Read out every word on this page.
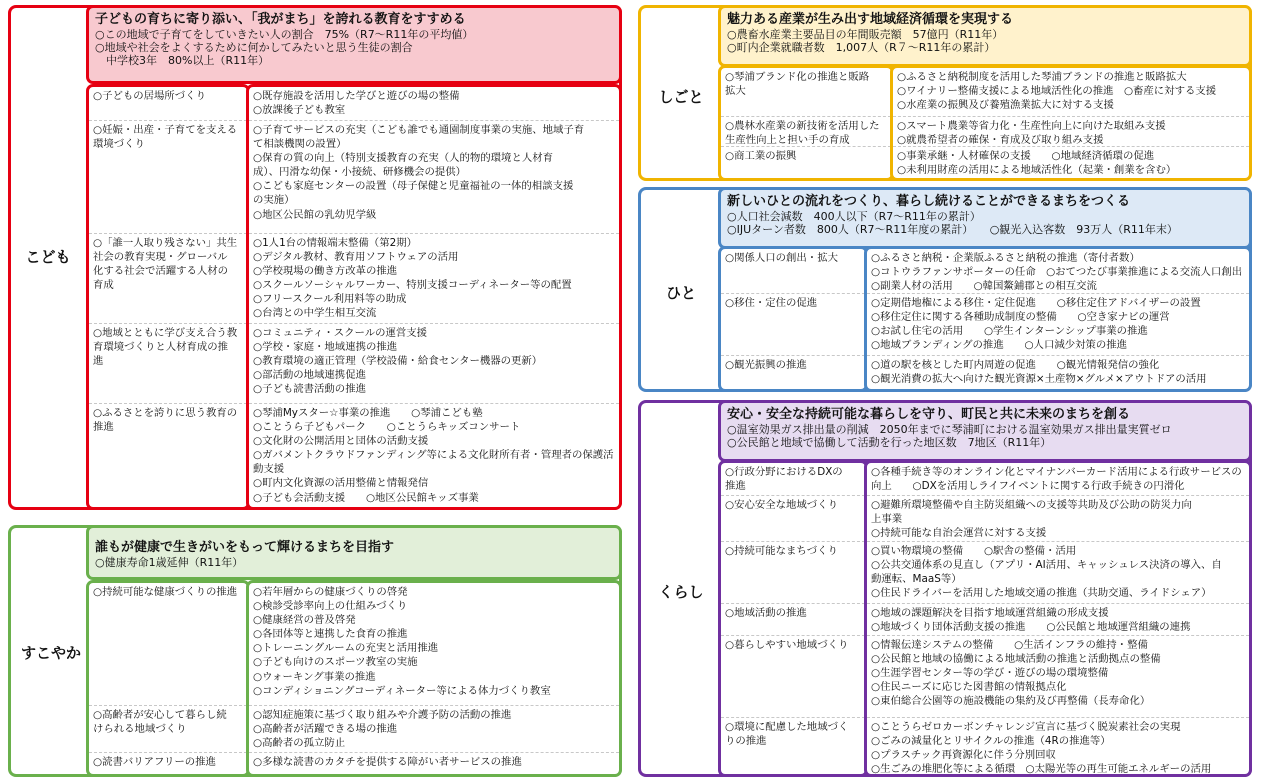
こども
子どもの育ちに寄り添い、「我がまち」を誇れる教育をすすめる
○この地域で子育てをしていきたい人の割合　75%（R7～R11年の平均値）
○地域や社会をよくするために何かしてみたいと思う生徒の割合
　中学校3年　80%以上（R11年）
○子どもの居場所づくり
○妊娠・出産・子育てを支える
環境づくり
○「誰一人取り残さない」共生
社会の教育実現・グローバル
化する社会で活躍する人材の
育成
○地域とともに学び支え合う教
育環境づくりと人材育成の推
進
○ふるさとを誇りに思う教育の
推進
○既存施設を活用した学びと遊びの場の整備
○放課後子ども教室
○子育てサービスの充実（こども誰でも通園制度事業の実施、地域子育
て相談機関の設置）
○保育の質の向上（特別支援教育の充実（人的物的環境と人材育
成）、円滑な幼保・小接続、研修機会の提供）
○こども家庭センターの設置（母子保健と児童福祉の一体的相談支援
の実施）
○地区公民館の乳幼児学級
○1人1台の情報端末整備（第2期）
○デジタル教材、教育用ソフトウェアの活用
○学校現場の働き方改革の推進
○スクールソーシャルワーカー、特別支援コーディネーター等の配置
○フリースクール利用料等の助成
○台湾との中学生相互交流
○コミュニティ・スクールの運営支援
○学校・家庭・地域連携の推進
○教育環境の適正管理（学校設備・給食センター機器の更新）
○部活動の地域連携促進
○子ども読書活動の推進
○琴浦Myスター☆事業の推進　　○琴浦こども塾
○ことうら子どもパーク　　○ことうらキッズコンサート
○文化財の公開活用と団体の活動支援
○ガバメントクラウドファンディング等による文化財所有者・管理者の保護活
動支援
○町内文化資源の活用整備と情報発信
○子ども会活動支援　　○地区公民館キッズ事業
すこやか
誰もが健康で生きがいをもって輝けるまちを目指す
○健康寿命1歳延伸（R11年）
○持続可能な健康づくりの推進
○高齢者が安心して暮らし続
けられる地域づくり
○読書バリアフリーの推進
○若年層からの健康づくりの啓発
○検診受診率向上の仕組みづくり
○健康経営の普及啓発
○各団体等と連携した食育の推進
○トレーニングルームの充実と活用推進
○子ども向けのスポーツ教室の実施
○ウォーキング事業の推進
○コンディショニングコーディネーター等による体力づくり教室
○認知症施策に基づく取り組みや介護予防の活動の推進
○高齢者が活躍できる場の推進
○高齢者の孤立防止
○多様な読書のカタチを提供する障がい者サービスの推進
しごと
魅力ある産業が生み出す地域経済循環を実現する
○農畜水産業主要品目の年間販売額　57億円（R11年）
○町内企業就職者数　1,007人（R７～R11年の累計）
○琴浦ブランド化の推進と販路
拡大
○農林水産業の新技術を活用した
生産性向上と担い手の育成
○商工業の振興
○ふるさと納税制度を活用した琴浦ブランドの推進と販路拡大
○ワイナリー整備支援による地域活性化の推進　○畜産に対する支援
○水産業の振興及び養殖漁業拡大に対する支援
○スマート農業等省力化・生産性向上に向けた取組み支援
○就農希望者の確保・育成及び取り組み支援
○事業承継・人材確保の支援　　○地域経済循環の促進
○未利用財産の活用による地域活性化（起業・創業を含む）
ひと
新しいひとの流れをつくり、暮らし続けることができるまちをつくる
○人口社会減数　400人以下（R7～R11年の累計）
○IJUターン者数　800人（R7～R11年度の累計）　　○観光入込客数　93万人（R11年末）
○関係人口の創出・拡大
○移住・定住の促進
○観光振興の推進
○ふるさと納税・企業版ふるさと納税の推進（寄付者数）
○コトウラファンサポーターの任命　○おてつたび事業推進による交流人口創出
○副業人材の活用　　○韓国鰲鋪郡との相互交流
○定期借地権による移住・定住促進　　○移住定住アドバイザーの設置
○移住定住に関する各種助成制度の整備　　○空き家ナビの運営
○お試し住宅の活用　　○学生インターンシップ事業の推進
○地域ブランディングの推進　　○人口減少対策の推進
○道の駅を核とした町内周遊の促進　　○観光情報発信の強化
○観光消費の拡大へ向けた観光資源×土産物×グルメ×アウトドアの活用
くらし
安心・安全な持続可能な暮らしを守り、町民と共に未来のまちを創る
○温室効果ガス排出量の削減　2050年までに琴浦町における温室効果ガス排出量実質ゼロ
○公民館と地域で協働して活動を行った地区数　7地区（R11年）
○行政分野におけるDXの
推進
○安心安全な地域づくり
○持続可能なまちづくり
○地域活動の推進
○暮らしやすい地域づくり
○環境に配慮した地域づく
りの推進
○各種手続き等のオンライン化とマイナンバーカード活用による行政サービスの
向上　　○DXを活用しライフイベントに関する行政手続きの円滑化
○避難所環境整備や自主防災組織への支援等共助及び公助の防災力向
上事業
○持続可能な自治会運営に対する支援
○買い物環境の整備　　○駅舎の整備・活用
○公共交通体系の見直し（アプリ・AI活用、キャッシュレス決済の導入、自
動運転、MaaS等）
○住民ドライバーを活用した地域交通の推進（共助交通、ライドシェア）
○地域の課題解決を目指す地域運営組織の形成支援
○地域づくり団体活動支援の推進　　○公民館と地域運営組織の連携
○情報伝達システムの整備　　○生活インフラの維持・整備
○公民館と地域の協働による地域活動の推進と活動拠点の整備
○生涯学習センター等の学び・遊びの場の環境整備
○住民ニーズに応じた図書館の情報拠点化
○東伯総合公園等の施設機能の集約及び再整備（長寿命化）
○ことうらゼロカーボンチャレンジ宣言に基づく脱炭素社会の実現
○ごみの減量化とリサイクルの推進（4Rの推進等）
○プラスチック再資源化に伴う分別回収
○生ごみの堆肥化等による循環　○太陽光等の再生可能エネルギーの活用
